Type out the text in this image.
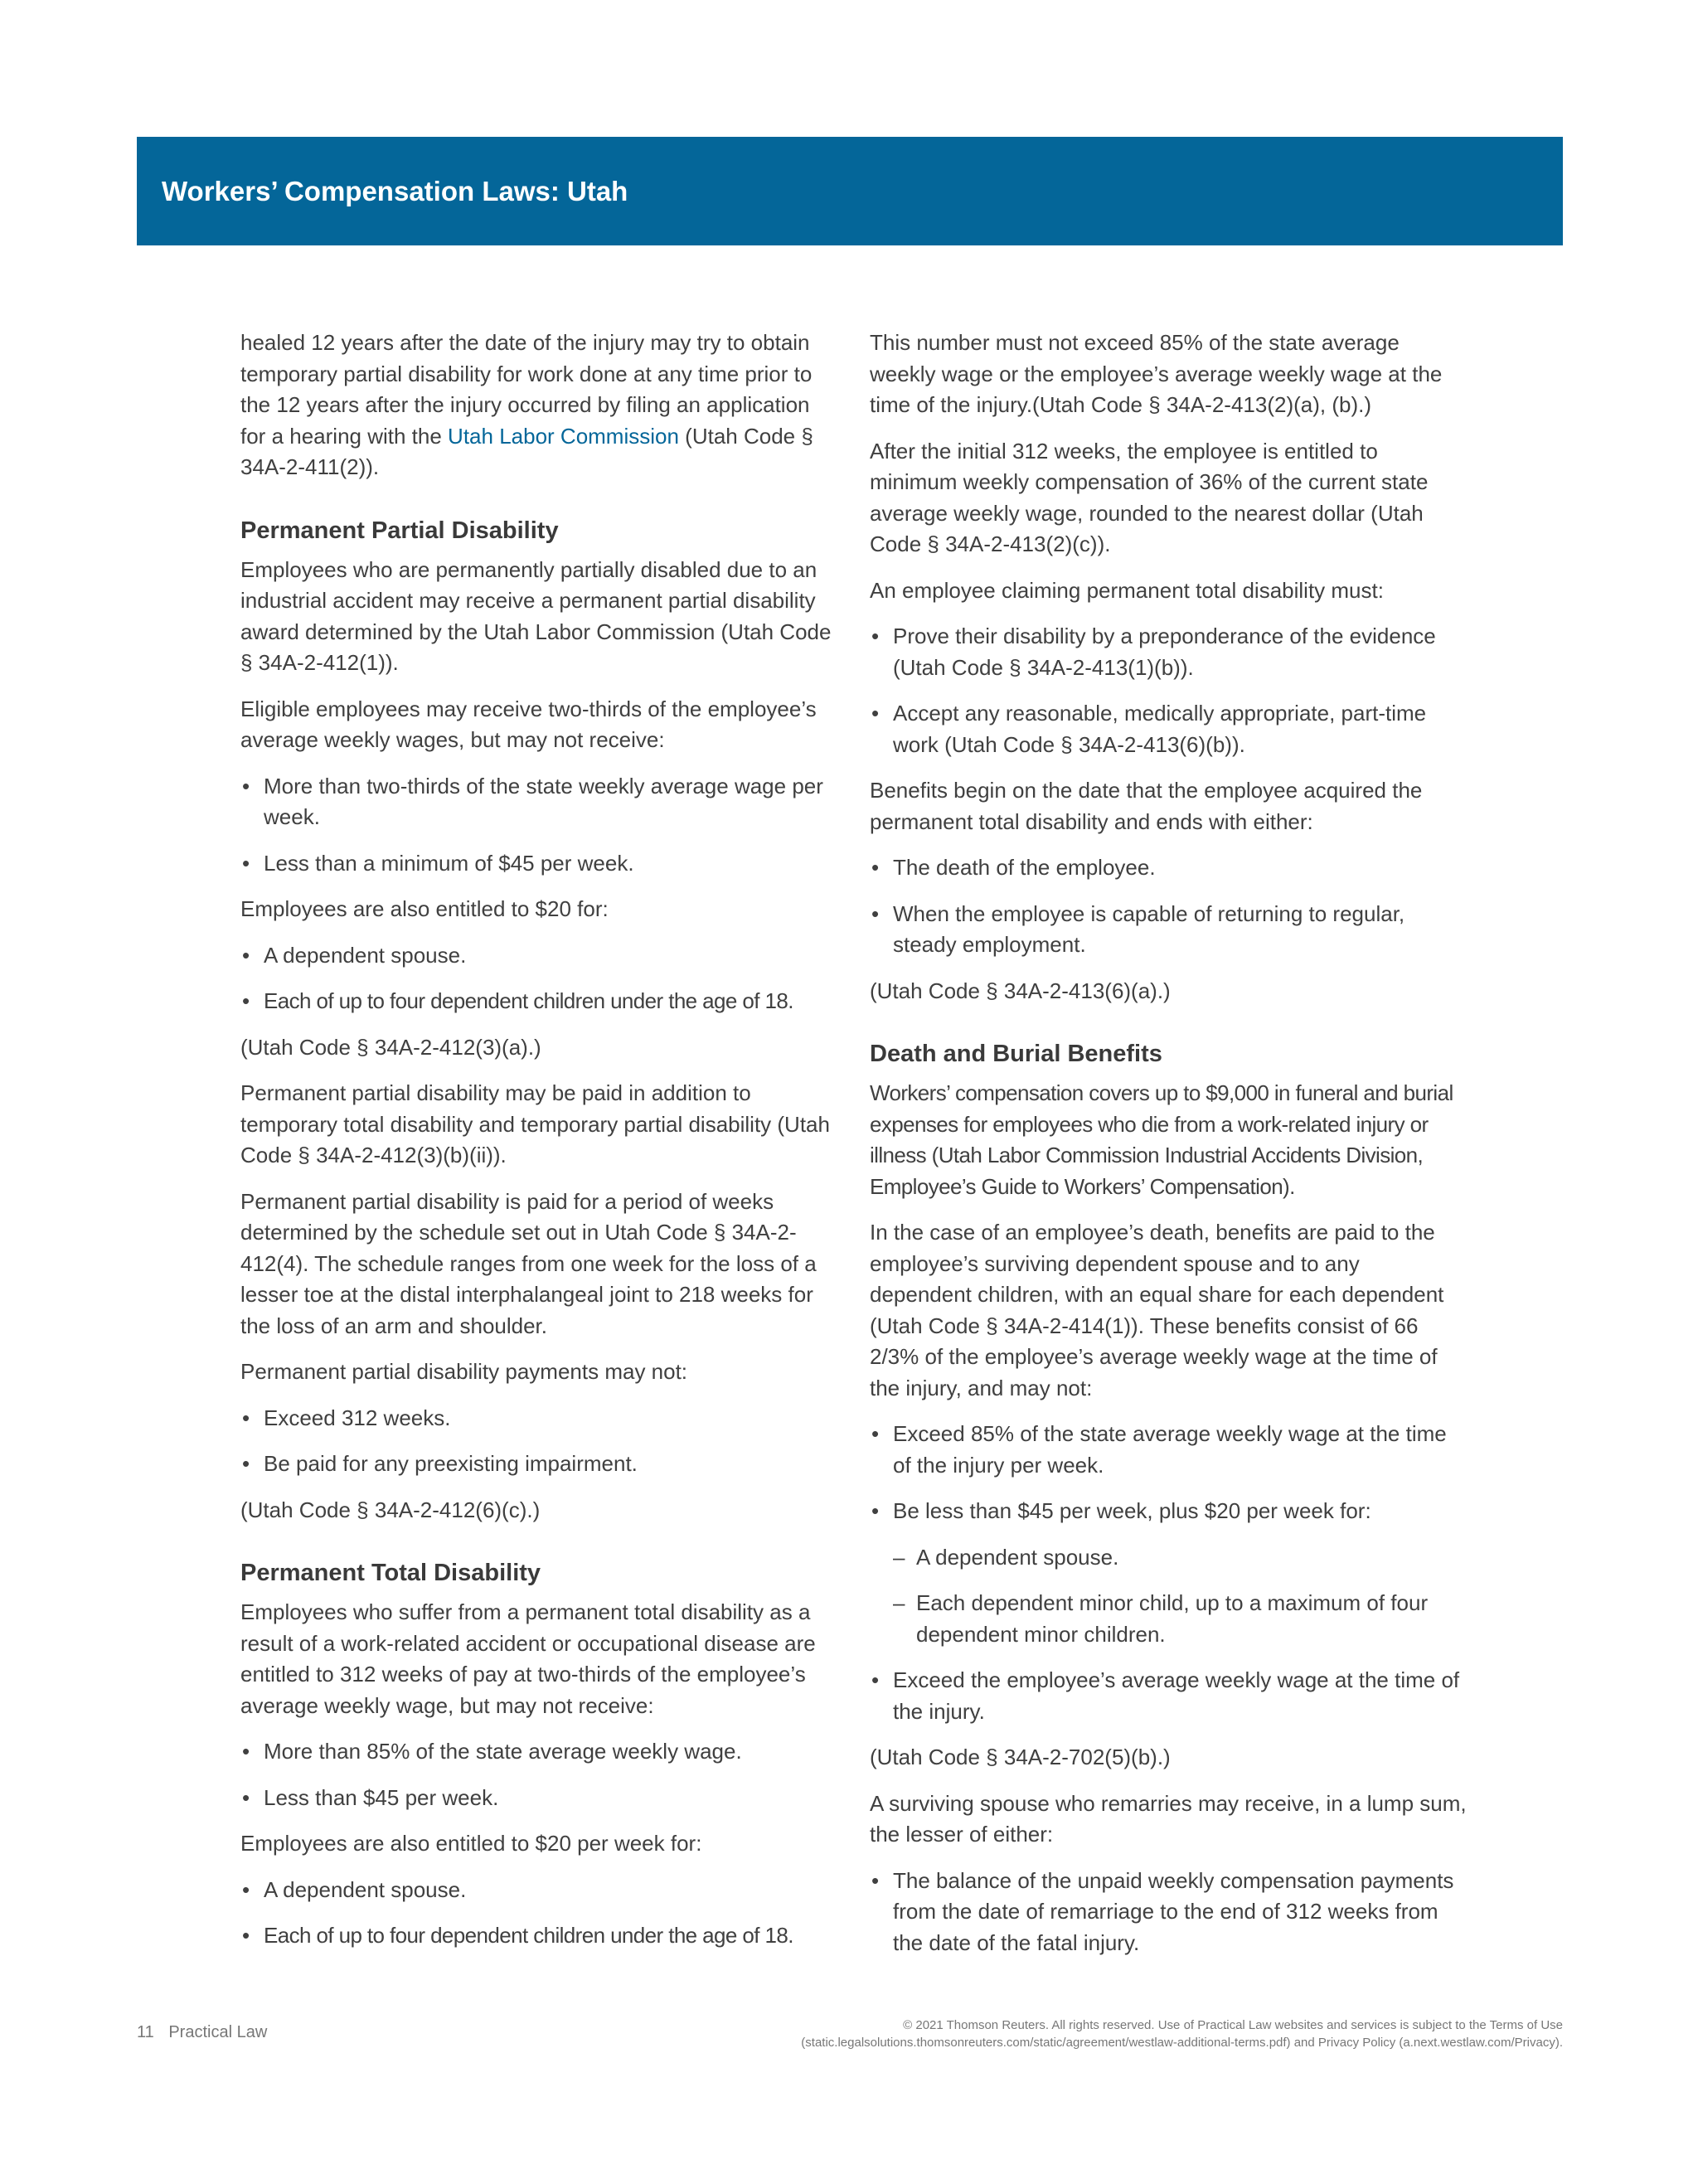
Workers’ Compensation Laws: Utah

healed 12 years after the date of the injury may try to obtain temporary partial disability for work done at any time prior to the 12 years after the injury occurred by filing an application for a hearing with the Utah Labor Commission (Utah Code § 34A-2-411(2)).

Permanent Partial Disability

Employees who are permanently partially disabled due to an industrial accident may receive a permanent partial disability award determined by the Utah Labor Commission (Utah Code § 34A-2-412(1)).

Eligible employees may receive two-thirds of the employee’s average weekly wages, but may not receive:

• More than two-thirds of the state weekly average wage per week.
• Less than a minimum of $45 per week.

Employees are also entitled to $20 for:

• A dependent spouse.
• Each of up to four dependent children under the age of 18.

(Utah Code § 34A-2-412(3)(a).)

Permanent partial disability may be paid in addition to temporary total disability and temporary partial disability (Utah Code § 34A-2-412(3)(b)(ii)).

Permanent partial disability is paid for a period of weeks determined by the schedule set out in Utah Code § 34A-2-412(4). The schedule ranges from one week for the loss of a lesser toe at the distal interphalangeal joint to 218 weeks for the loss of an arm and shoulder.

Permanent partial disability payments may not:

• Exceed 312 weeks.
• Be paid for any preexisting impairment.

(Utah Code § 34A-2-412(6)(c).)

Permanent Total Disability

Employees who suffer from a permanent total disability as a result of a work-related accident or occupational disease are entitled to 312 weeks of pay at two-thirds of the employee’s average weekly wage, but may not receive:

• More than 85% of the state average weekly wage.
• Less than $45 per week.

Employees are also entitled to $20 per week for:

• A dependent spouse.
• Each of up to four dependent children under the age of 18.

This number must not exceed 85% of the state average weekly wage or the employee’s average weekly wage at the time of the injury.(Utah Code § 34A-2-413(2)(a), (b).)

After the initial 312 weeks, the employee is entitled to minimum weekly compensation of 36% of the current state average weekly wage, rounded to the nearest dollar (Utah Code § 34A-2-413(2)(c)).

An employee claiming permanent total disability must:

• Prove their disability by a preponderance of the evidence (Utah Code § 34A-2-413(1)(b)).
• Accept any reasonable, medically appropriate, part-time work (Utah Code § 34A-2-413(6)(b)).

Benefits begin on the date that the employee acquired the permanent total disability and ends with either:

• The death of the employee.
• When the employee is capable of returning to regular, steady employment.

(Utah Code § 34A-2-413(6)(a).)

Death and Burial Benefits

Workers’ compensation covers up to $9,000 in funeral and burial expenses for employees who die from a work-related injury or illness (Utah Labor Commission Industrial Accidents Division, Employee’s Guide to Workers’ Compensation).

In the case of an employee’s death, benefits are paid to the employee’s surviving dependent spouse and to any dependent children, with an equal share for each dependent (Utah Code § 34A-2-414(1)). These benefits consist of 66 2/3% of the employee’s average weekly wage at the time of the injury, and may not:

• Exceed 85% of the state average weekly wage at the time of the injury per week.
• Be less than $45 per week, plus $20 per week for:
– A dependent spouse.
– Each dependent minor child, up to a maximum of four dependent minor children.
• Exceed the employee’s average weekly wage at the time of the injury.

(Utah Code § 34A-2-702(5)(b).)

A surviving spouse who remarries may receive, in a lump sum, the lesser of either:

• The balance of the unpaid weekly compensation payments from the date of remarriage to the end of 312 weeks from the date of the fatal injury.
11 Practical Law	© 2021 Thomson Reuters. All rights reserved. Use of Practical Law websites and services is subject to the Terms of Use
(static.legalsolutions.thomsonreuters.com/static/agreement/westlaw-additional-terms.pdf) and Privacy Policy (a.next.westlaw.com/Privacy).
